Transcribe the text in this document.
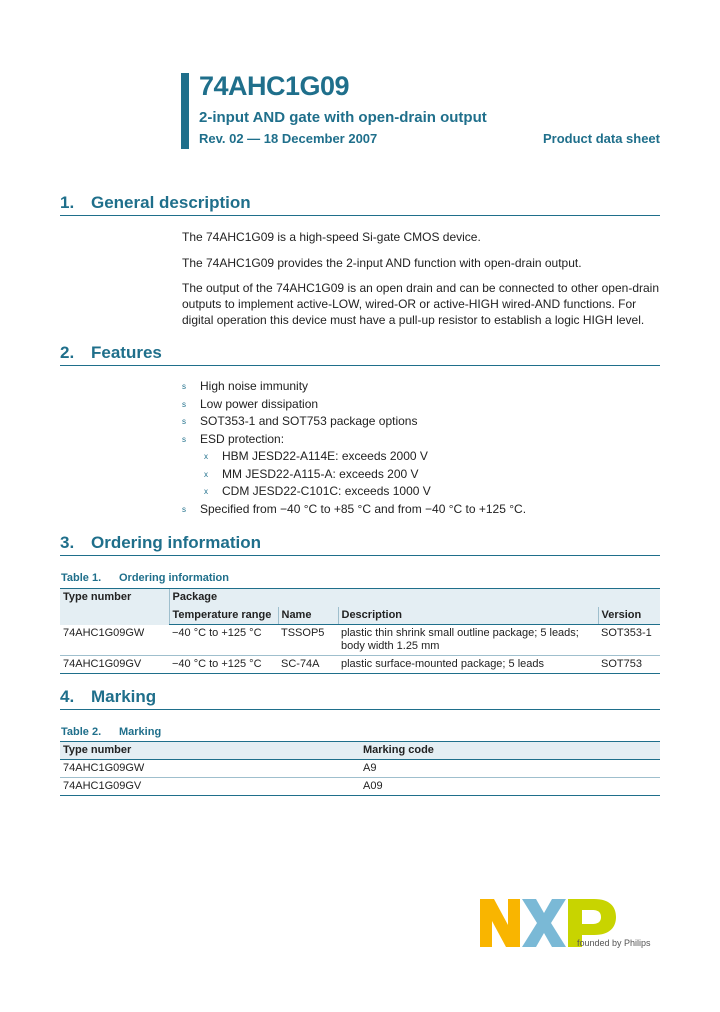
74AHC1G09
2-input AND gate with open-drain output
Rev. 02 — 18 December 2007	Product data sheet
1. General description

The 74AHC1G09 is a high-speed Si-gate CMOS device.

The 74AHC1G09 provides the 2-input AND function with open-drain output.

The output of the 74AHC1G09 is an open drain and can be connected to other open-drain outputs to implement active-LOW, wired-OR or active-HIGH wired-AND functions. For digital operation this device must have a pull-up resistor to establish a logic HIGH level.

2. Features
s High noise immunity
s Low power dissipation
s SOT353-1 and SOT753 package options
s ESD protection:
x HBM JESD22-A114E: exceeds 2000 V
x MM JESD22-A115-A: exceeds 200 V
x CDM JESD22-C101C: exceeds 1000 V
s Specified from −40 °C to +85 °C and from −40 °C to +125 °C.
3. Ordering information
Table 1. Ordering information
Type number	Package			
	Temperature range	Name	Description	Version
74AHC1G09GW	−40 °C to +125 °C	TSSOP5	plastic thin shrink small outline package; 5 leads; body width 1.25 mm	SOT353-1
74AHC1G09GV	−40 °C to +125 °C	SC-74A	plastic surface-mounted package; 5 leads	SOT753
4. Marking
Table 2. Marking
Type number	Marking code
74AHC1G09GW	A9
74AHC1G09GV	A09
founded by Philips
